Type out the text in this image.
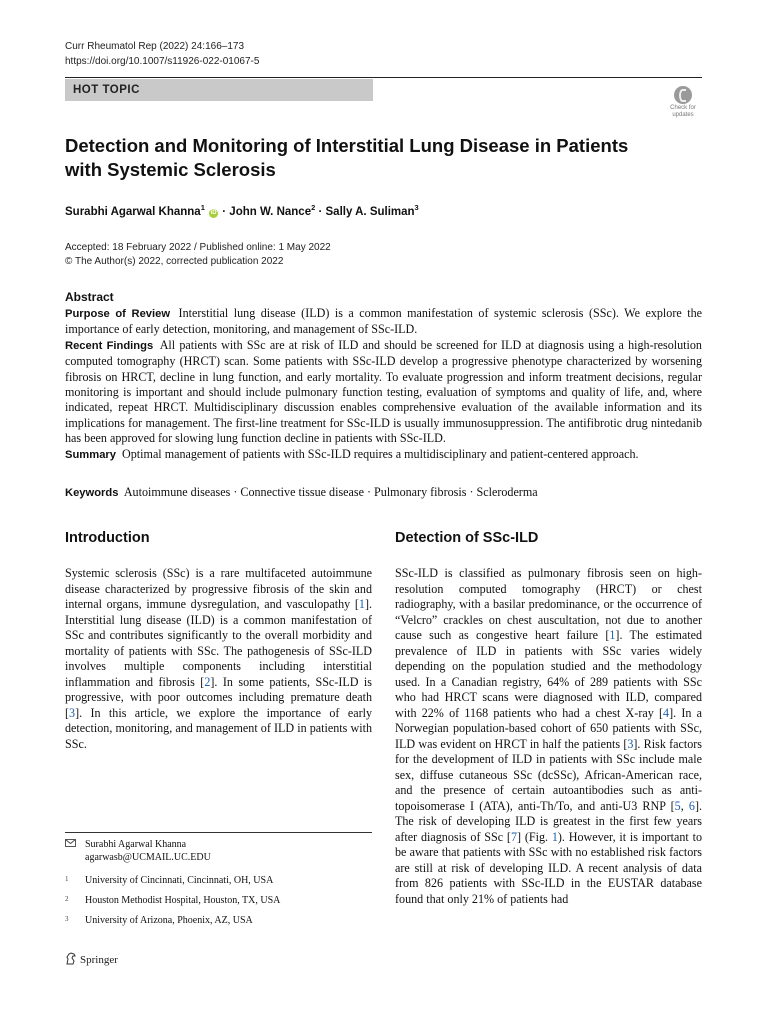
Curr Rheumatol Rep (2022) 24:166–173
https://doi.org/10.1007/s11926-022-01067-5
HOT TOPIC
Check for
updates
Detection and Monitoring of Interstitial Lung Disease in Patients with Systemic Sclerosis
Surabhi Agarwal Khanna$^1$ iD · John W. Nance$^2$ · Sally A. Suliman$^3$
Accepted: 18 February 2022 / Published online: 1 May 2022
© The Author(s) 2022, corrected publication 2022
Abstract

Purpose of Review Interstitial lung disease (ILD) is a common manifestation of systemic sclerosis (SSc). We explore the importance of early detection, monitoring, and management of SSc-ILD.

Recent Findings All patients with SSc are at risk of ILD and should be screened for ILD at diagnosis using a high-resolution computed tomography (HRCT) scan. Some patients with SSc-ILD develop a progressive phenotype characterized by worsening fibrosis on HRCT, decline in lung function, and early mortality. To evaluate progression and inform treatment decisions, regular monitoring is important and should include pulmonary function testing, evaluation of symptoms and quality of life, and, where indicated, repeat HRCT. Multidisciplinary discussion enables comprehensive evaluation of the available information and its implications for management. The first-line treatment for SSc-ILD is usually immunosuppression. The antifibrotic drug nintedanib has been approved for slowing lung function decline in patients with SSc-ILD.

Summary Optimal management of patients with SSc-ILD requires a multidisciplinary and patient-centered approach.

Keywords Autoimmune diseases · Connective tissue disease · Pulmonary fibrosis · Scleroderma
Introduction	Detection of SSc-ILD

Systemic sclerosis (SSc) is a rare multifaceted autoimmune disease characterized by progressive fibrosis of the skin and internal organs, immune dysregulation, and vasculopathy [1]. Interstitial lung disease (ILD) is a common manifestation of SSc and contributes significantly to the overall morbidity and mortality of patients with SSc. The pathogenesis of SSc-ILD involves multiple components including interstitial inflammation and fibrosis [2]. In some patients, SSc-ILD is progressive, with poor outcomes including premature death [3]. In this article, we explore the importance of early detection, monitoring, and management of ILD in patients with SSc.

SSc-ILD is classified as pulmonary fibrosis seen on high-resolution computed tomography (HRCT) or chest radiography, with a basilar predominance, or the occurrence of “Velcro” crackles on chest auscultation, not due to another cause such as congestive heart failure [1]. The estimated prevalence of ILD in patients with SSc varies widely depending on the population studied and the methodology used. In a Canadian registry, 64% of 289 patients with SSc who had HRCT scans were diagnosed with ILD, compared with 22% of 1168 patients who had a chest X-ray [4]. In a Norwegian population-based cohort of 650 patients with SSc, ILD was evident on HRCT in half the patients [3]. Risk factors for the development of ILD in patients with SSc include male sex, diffuse cutaneous SSc (dcSSc), African-American race, and the presence of certain autoantibodies such as anti-topoisomerase I (ATA), anti-Th/To, and anti-U3 RNP [5, 6]. The risk of developing ILD is greatest in the first few years after diagnosis of SSc [7] (Fig. 1). However, it is important to be aware that patients with SSc with no established risk factors are still at risk of developing ILD. A recent analysis of data from 826 patients with SSc-ILD in the EUSTAR database found that only 21% of patients had

Surabhi Agarwal Khanna
agarwasb@UCMAIL.UC.EDU
1 University of Cincinnati, Cincinnati, OH, USA
2 Houston Methodist Hospital, Houston, TX, USA
3 University of Arizona, Phoenix, AZ, USA
Springer
